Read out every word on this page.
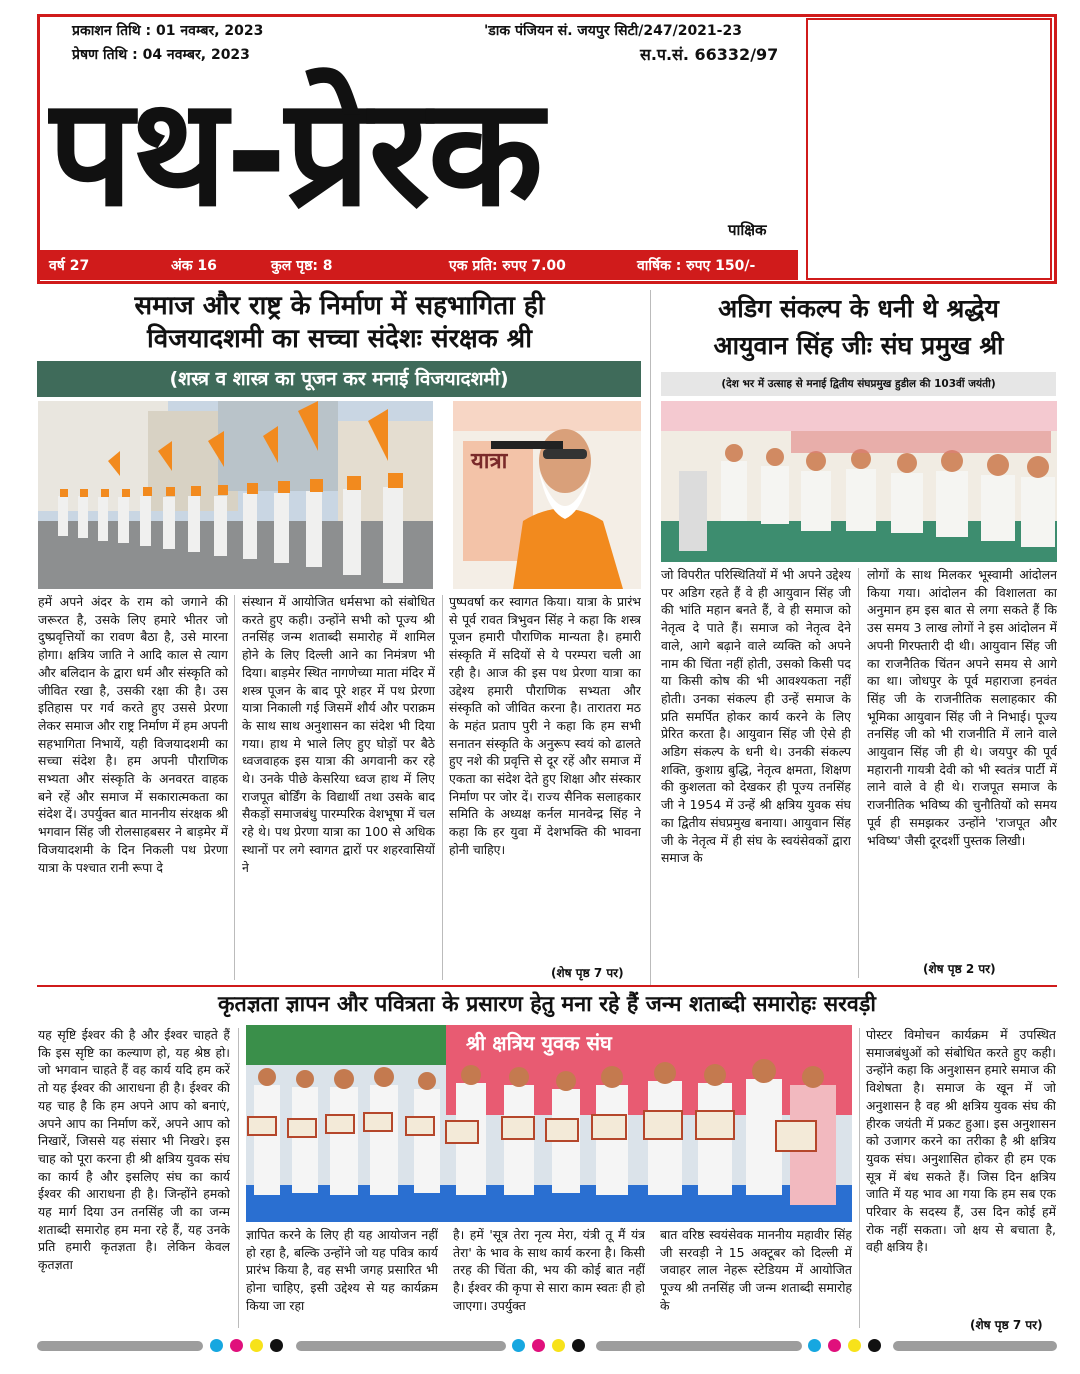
प्रकाशन तिथि : 01 नवम्बर, 2023
प्रेषण तिथि : 04 नवम्बर, 2023
'डाक पंजियन सं. जयपुर सिटी/247/2021-23
स.प.सं. 66332/97
पथ-प्रेरक	पाक्षिक
वर्ष 27	अंक 16	कुल पृष्ठ: 8	एक प्रति: रुपए 7.00	वार्षिक : रुपए 150/-
समाज और राष्ट्र के निर्माण में सहभागिता ही
विजयादशमी का सच्चा संदेशः संरक्षक श्री
(शस्त्र व शास्त्र का पूजन कर मनाई विजयादशमी)
यात्रा
हमें अपने अंदर के राम को जगाने की जरूरत है, उसके लिए हमारे भीतर जो दुष्प्रवृत्तियों का रावण बैठा है, उसे मारना होगा। क्षत्रिय जाति ने आदि काल से त्याग और बलिदान के द्वारा धर्म और संस्कृति को जीवित रखा है, उसकी रक्षा की है। उस इतिहास पर गर्व करते हुए उससे प्रेरणा लेकर समाज और राष्ट्र निर्माण में हम अपनी सहभागिता निभायें, यही विजयादशमी का सच्चा संदेश है। हम अपनी पौराणिक सभ्यता और संस्कृति के अनवरत वाहक बने रहें और समाज में सकारात्मकता का संदेश दें। उपर्युक्त बात माननीय संरक्षक श्री भगवान सिंह जी रोलसाहबसर ने बाड़मेर में विजयादशमी के दिन निकली पथ प्रेरणा यात्रा के पश्चात रानी रूपा दे
संस्थान में आयोजित धर्मसभा को संबोधित करते हुए कही। उन्होंने सभी को पूज्य श्री तनसिंह जन्म शताब्दी समारोह में शामिल होने के लिए दिल्ली आने का निमंत्रण भी दिया। बाड़मेर स्थित नागणेच्या माता मंदिर में शस्त्र पूजन के बाद पूरे शहर में पथ प्रेरणा यात्रा निकाली गई जिसमें शौर्य और पराक्रम के साथ साथ अनुशासन का संदेश भी दिया गया। हाथ मे भाले लिए हुए घोड़ों पर बैठे ध्वजवाहक इस यात्रा की अगवानी कर रहे थे। उनके पीछे केसरिया ध्वज हाथ में लिए राजपूत बोर्डिंग के विद्यार्थी तथा उसके बाद सैकड़ों समाजबंधु पारम्परिक वेशभूषा में चल रहे थे। पथ प्रेरणा यात्रा का 100 से अधिक स्थानों पर लगे स्वागत द्वारों पर शहरवासियों ने
पुष्पवर्षा कर स्वागत किया। यात्रा के प्रारंभ से पूर्व रावत त्रिभुवन सिंह ने कहा कि शस्त्र पूजन हमारी पौराणिक मान्यता है। हमारी संस्कृति में सदियों से ये परम्परा चली आ रही है। आज की इस पथ प्रेरणा यात्रा का उद्देश्य हमारी पौराणिक सभ्यता और संस्कृति को जीवित करना है। तारातरा मठ के महंत प्रताप पुरी ने कहा कि हम सभी सनातन संस्कृति के अनुरूप स्वयं को ढालते हुए नशे की प्रवृत्ति से दूर रहें और समाज में एकता का संदेश देते हुए शिक्षा और संस्कार निर्माण पर जोर दें। राज्य सैनिक सलाहकार समिति के अध्यक्ष कर्नल मानवेन्द्र सिंह ने कहा कि हर युवा में देशभक्ति की भावना होनी चाहिए।
(शेष पृष्ठ 7 पर)
अडिग संकल्प के धनी थे श्रद्धेय
आयुवान सिंह जीः संघ प्रमुख श्री
(देश भर में उत्साह से मनाई द्वितीय संघप्रमुख हुडील की 103वीं जयंती)
जो विपरीत परिस्थितियों में भी अपने उद्देश्य पर अडिग रहते हैं वे ही आयुवान सिंह जी की भांति महान बनते हैं, वे ही समाज को नेतृत्व दे पाते हैं। समाज को नेतृत्व देने वाले, आगे बढ़ाने वाले व्यक्ति को अपने नाम की चिंता नहीं होती, उसको किसी पद या किसी कोष की भी आवश्यकता नहीं होती। उनका संकल्प ही उन्हें समाज के प्रति समर्पित होकर कार्य करने के लिए प्रेरित करता है। आयुवान सिंह जी ऐसे ही अडिग संकल्प के धनी थे। उनकी संकल्प शक्ति, कुशाग्र बुद्धि, नेतृत्व क्षमता, शिक्षण की कुशलता को देखकर ही पूज्य तनसिंह जी ने 1954 में उन्हें श्री क्षत्रिय युवक संघ का द्वितीय संघप्रमुख बनाया। आयुवान सिंह जी के नेतृत्व में ही संघ के स्वयंसेवकों द्वारा समाज के
लोगों के साथ मिलकर भूस्वामी आंदोलन किया गया। आंदोलन की विशालता का अनुमान हम इस बात से लगा सकते हैं कि उस समय 3 लाख लोगों ने इस आंदोलन में अपनी गिरफ्तारी दी थी। आयुवान सिंह जी का राजनैतिक चिंतन अपने समय से आगे का था। जोधपुर के पूर्व महाराजा हनवंत सिंह जी के राजनीतिक सलाहकार की भूमिका आयुवान सिंह जी ने निभाई। पूज्य तनसिंह जी को भी राजनीति में लाने वाले आयुवान सिंह जी ही थे। जयपुर की पूर्व महारानी गायत्री देवी को भी स्वतंत्र पार्टी में लाने वाले वे ही थे। राजपूत समाज के राजनीतिक भविष्य की चुनौतियों को समय पूर्व ही समझकर उन्होंने 'राजपूत और भविष्य' जैसी दूरदर्शी पुस्तक लिखी।
(शेष पृष्ठ 2 पर)
कृतज्ञता ज्ञापन और पवित्रता के प्रसारण हेतु मना रहे हैं जन्म शताब्दी समारोहः सरवड़ी
यह सृष्टि ईश्वर की है और ईश्वर चाहते हैं कि इस सृष्टि का कल्याण हो, यह श्रेष्ठ हो। जो भगवान चाहते हैं वह कार्य यदि हम करें तो यह ईश्वर की आराधना ही है। ईश्वर की यह चाह है कि हम अपने आप को बनाएं, अपने आप का निर्माण करें, अपने आप को निखारें, जिससे यह संसार भी निखरे। इस चाह को पूरा करना ही श्री क्षत्रिय युवक संघ का कार्य है और इसलिए संघ का कार्य ईश्वर की आराधना ही है। जिन्होंने हमको यह मार्ग दिया उन तनसिंह जी का जन्म शताब्दी समारोह हम मना रहे हैं, यह उनके प्रति हमारी कृतज्ञता है। लेकिन केवल कृतज्ञता
श्री क्षत्रिय युवक संघ
ज्ञापित करने के लिए ही यह आयोजन नहीं हो रहा है, बल्कि उन्होंने जो यह पवित्र कार्य प्रारंभ किया है, वह सभी जगह प्रसारित भी होना चाहिए, इसी उद्देश्य से यह कार्यक्रम किया जा रहा
है। हमें 'सूत्र तेरा नृत्य मेरा, यंत्री तू मैं यंत्र तेरा' के भाव के साथ कार्य करना है। किसी तरह की चिंता की, भय की कोई बात नहीं है। ईश्वर की कृपा से सारा काम स्वतः ही हो जाएगा। उपर्युक्त
बात वरिष्ठ स्वयंसेवक माननीय महावीर सिंह जी सरवड़ी ने 15 अक्टूबर को दिल्ली में जवाहर लाल नेहरू स्टेडियम में आयोजित पूज्य श्री तनसिंह जी जन्म शताब्दी समारोह के
पोस्टर विमोचन कार्यक्रम में उपस्थित समाजबंधुओं को संबोधित करते हुए कही। उन्होंने कहा कि अनुशासन हमारे समाज की विशेषता है। समाज के खून में जो अनुशासन है वह श्री क्षत्रिय युवक संघ की हीरक जयंती में प्रकट हुआ। इस अनुशासन को उजागर करने का तरीका है श्री क्षत्रिय युवक संघ। अनुशासित होकर ही हम एक सूत्र में बंध सकते हैं। जिस दिन क्षत्रिय जाति में यह भाव आ गया कि हम सब एक परिवार के सदस्य हैं, उस दिन कोई हमें रोक नहीं सकता। जो क्षय से बचाता है, वही क्षत्रिय है।
(शेष पृष्ठ 7 पर)
